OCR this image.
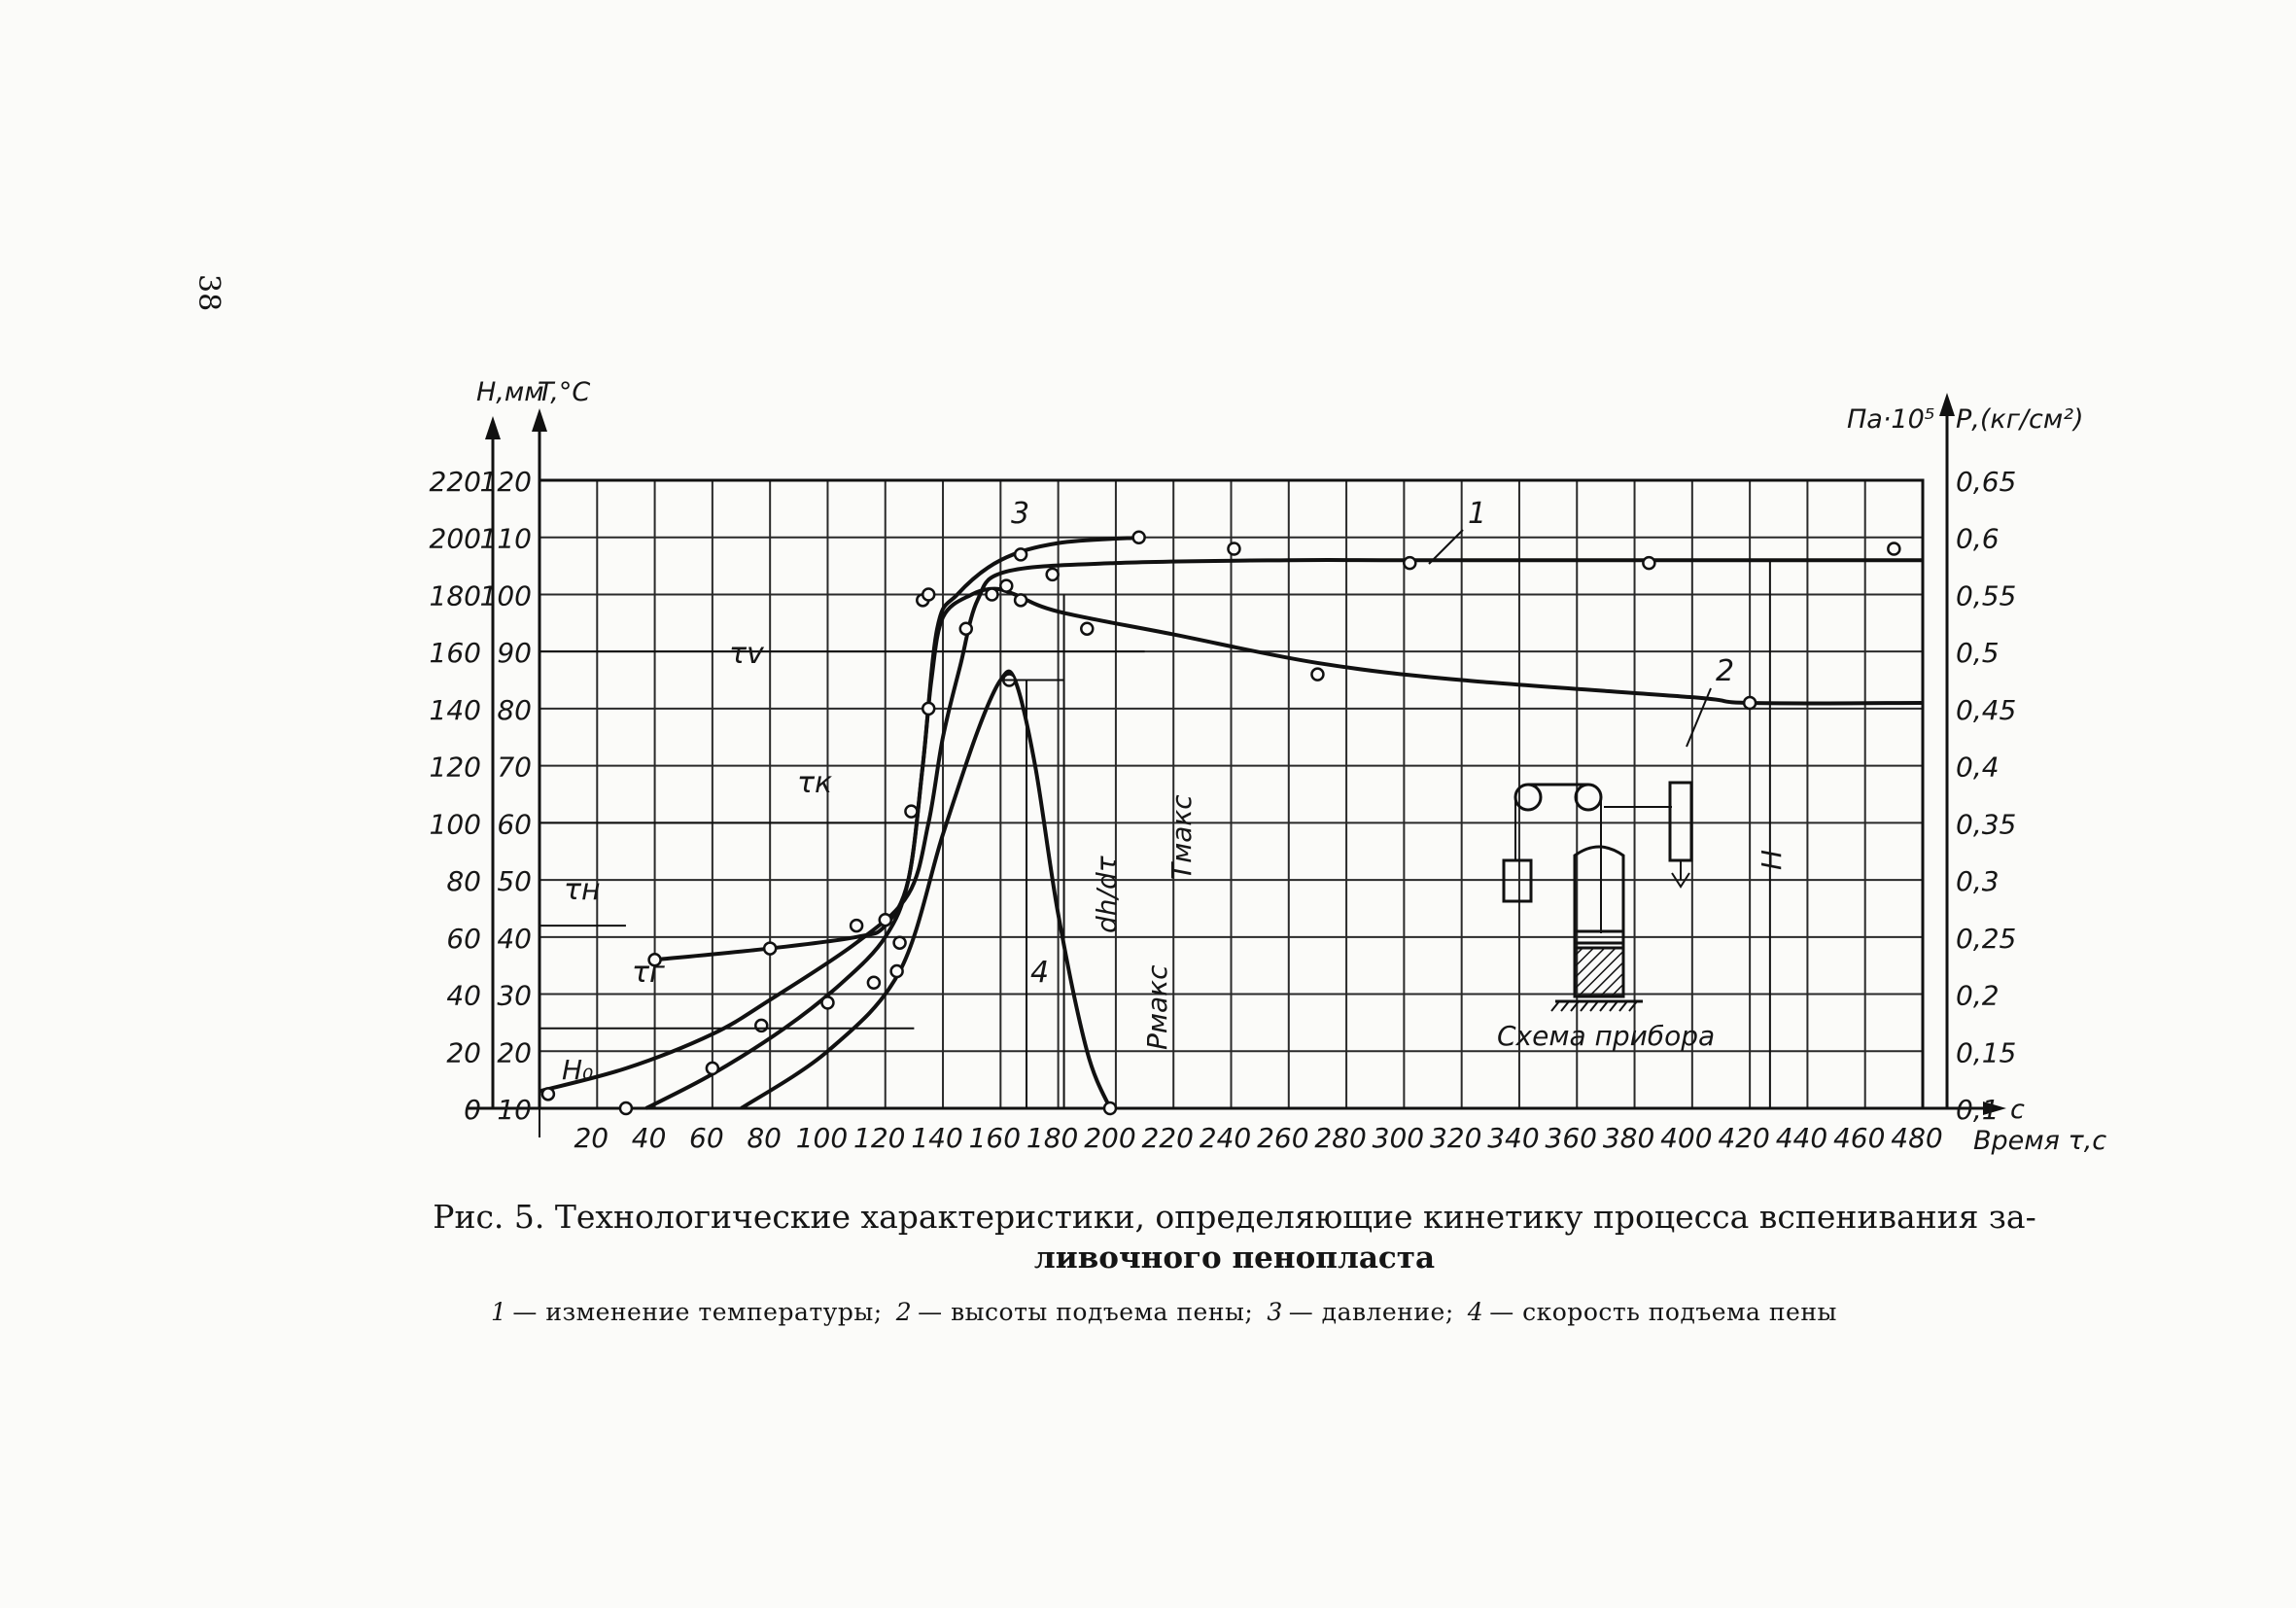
38
220
200
180
160
140
120
100
80
60
40
20
0
120
110
100
90
80
70
60
50
40
30
20
10
0,65
0,6
0,55
0,5
0,45
0,4
0,35
0,3
0,25
0,2
0,15
0,1
20 40 60 80 100 120 140 160 180 200 220 240 260 280 300 320 340 360 380 400 420 440 460 480
Н,мм
T,°C
Па·10⁵ Р,(кг/см²)
Время τ,с
с
τv
τк
τн
τг
Н₀
Тмакс
Рмакс
dh/dτ	Н
1
2
3
4
Схема прибора
Рис. 5. Технологические характеристики, определяющие кинетику процесса вспенивания за-
ливочного пенопласта
1 — изменение температуры; 2 — высоты подъема пены; 3 — давление; 4 — скорость подъема пены
